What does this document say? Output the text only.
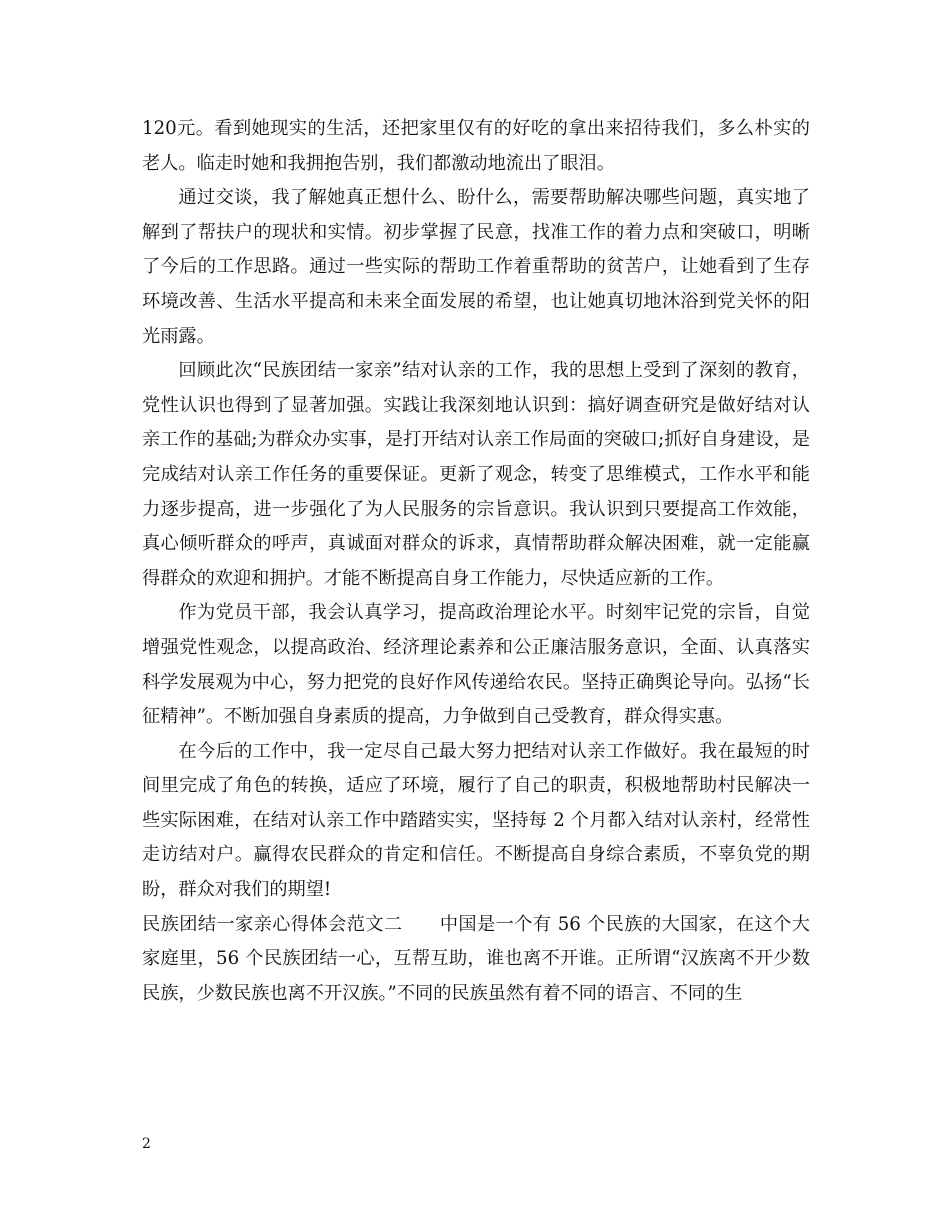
120元。看到她现实的生活，还把家里仅有的好吃的拿出来招待我们，多么朴实的老人。临走时她和我拥抱告别，我们都激动地流出了眼泪。

通过交谈，我了解她真正想什么、盼什么，需要帮助解决哪些问题，真实地了解到了帮扶户的现状和实情。初步掌握了民意，找准工作的着力点和突破口，明晰了今后的工作思路。通过一些实际的帮助工作着重帮助的贫苦户，让她看到了生存环境改善、生活水平提高和未来全面发展的希望，也让她真切地沐浴到党关怀的阳光雨露。

回顾此次“民族团结一家亲”结对认亲的工作，我的思想上受到了深刻的教育，党性认识也得到了显著加强。实践让我深刻地认识到：搞好调查研究是做好结对认亲工作的基础;为群众办实事，是打开结对认亲工作局面的突破口;抓好自身建设，是完成结对认亲工作任务的重要保证。更新了观念，转变了思维模式，工作水平和能力逐步提高，进一步强化了为人民服务的宗旨意识。我认识到只要提高工作效能，真心倾听群众的呼声，真诚面对群众的诉求，真情帮助群众解决困难，就一定能赢得群众的欢迎和拥护。才能不断提高自身工作能力，尽快适应新的工作。

作为党员干部，我会认真学习，提高政治理论水平。时刻牢记党的宗旨，自觉增强党性观念，以提高政治、经济理论素养和公正廉洁服务意识，全面、认真落实科学发展观为中心，努力把党的良好作风传递给农民。坚持正确舆论导向。弘扬“长征精神”。不断加强自身素质的提高，力争做到自己受教育，群众得实惠。

在今后的工作中，我一定尽自己最大努力把结对认亲工作做好。我在最短的时间里完成了角色的转换，适应了环境，履行了自己的职责，积极地帮助村民解决一些实际困难，在结对认亲工作中踏踏实实，坚持每 2 个月都入结对认亲村，经常性走访结对户。赢得农民群众的肯定和信任。不断提高自身综合素质，不辜负党的期盼，群众对我们的期望!

民族团结一家亲心得体会范文二　　中国是一个有 56 个民族的大国家，在这个大家庭里，56 个民族团结一心，互帮互助，谁也离不开谁。正所谓“汉族离不开少数民族，少数民族也离不开汉族。”不同的民族虽然有着不同的语言、不同的生

2
